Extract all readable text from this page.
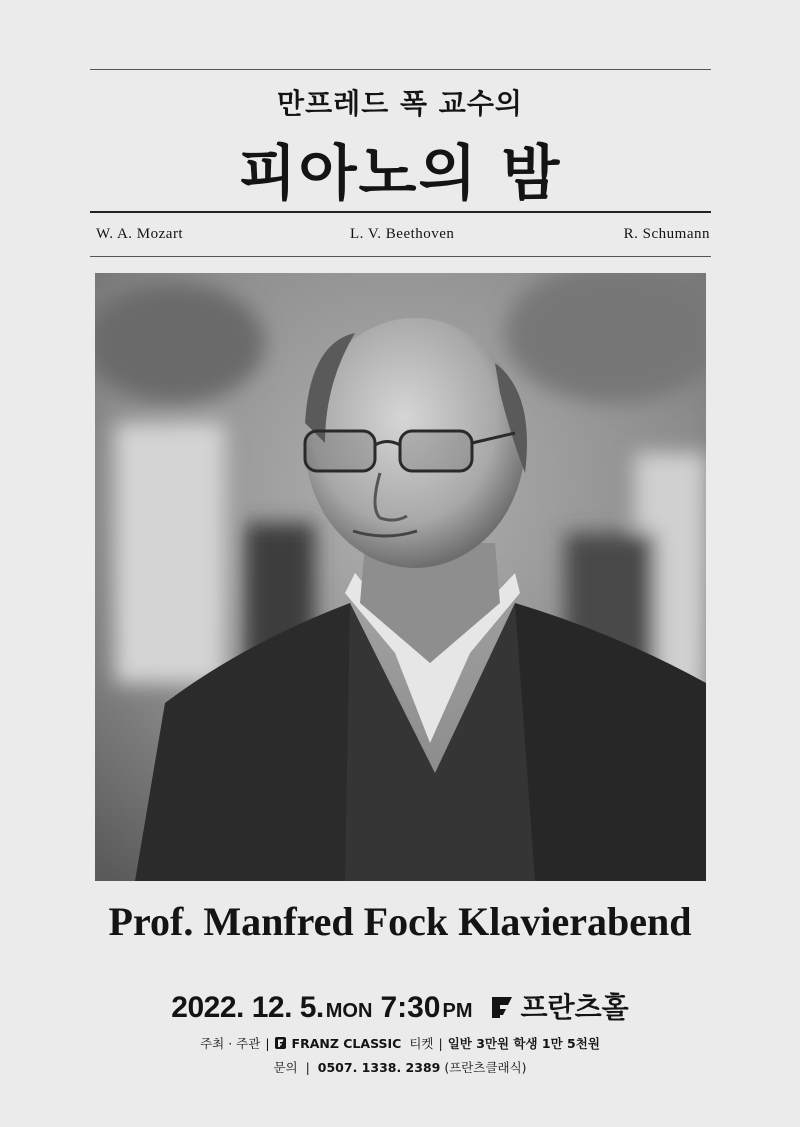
만프레드 폭 교수의
피아노의 밤
W. A. Mozart	L. V. Beethoven	R. Schumann
Prof. Manfred Fock Klavierabend
2022. 12. 5. MON 7:30 PM 프란츠홀
주최 · 주관 | FRANZ CLASSIC 티켓 | 일반 3만원 학생 1만 5천원
문의 | 0507. 1338. 2389 (프란츠클래식)
